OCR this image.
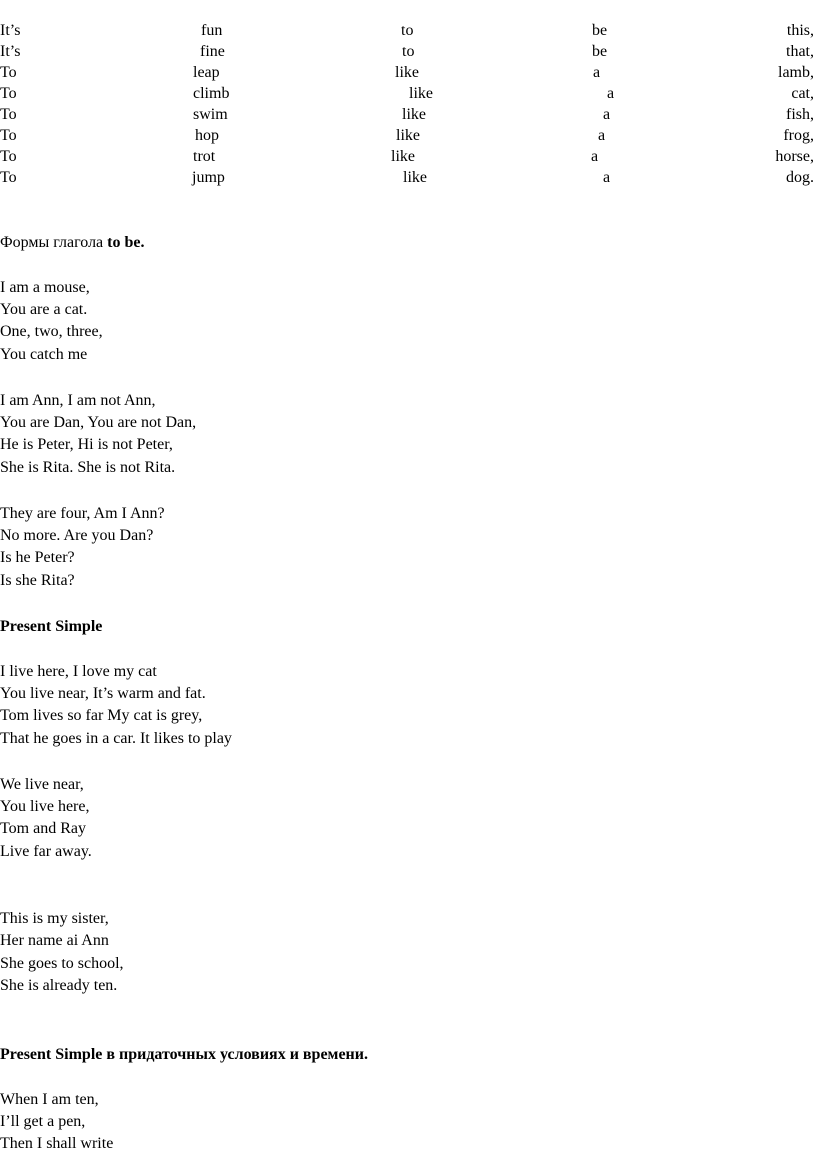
It’s	fun	to	be	this,
It’s	fine	to	be	that,
To	leap	like	a	lamb,
To	climb	like	a	cat,
To	swim	like	a	fish,
To	hop	like	a	frog,
To	trot	like	a	horse,
To	jump	like	a	dog.
Формы глагола to be.
I am a mouse,
You are a cat.
One, two, three,
You catch me
I am Ann, I am not Ann,
You are Dan, You are not Dan,
He is Peter, Hi is not Peter,
She is Rita. She is not Rita.
They are four, Am I Ann?
No more. Are you Dan?
Is he Peter?
Is she Rita?
Present Simple
I live here, I love my cat
You live near, It’s warm and fat.
Tom lives so far My cat is grey,
That he goes in a car. It likes to play
We live near,
You live here,
Tom and Ray
Live far away.
This is my sister,
Her name ai Ann
She goes to school,
She is already ten.
Present Simple в придаточных условиях и времени.
When I am ten,
I’ll get a pen,
Then I shall write
